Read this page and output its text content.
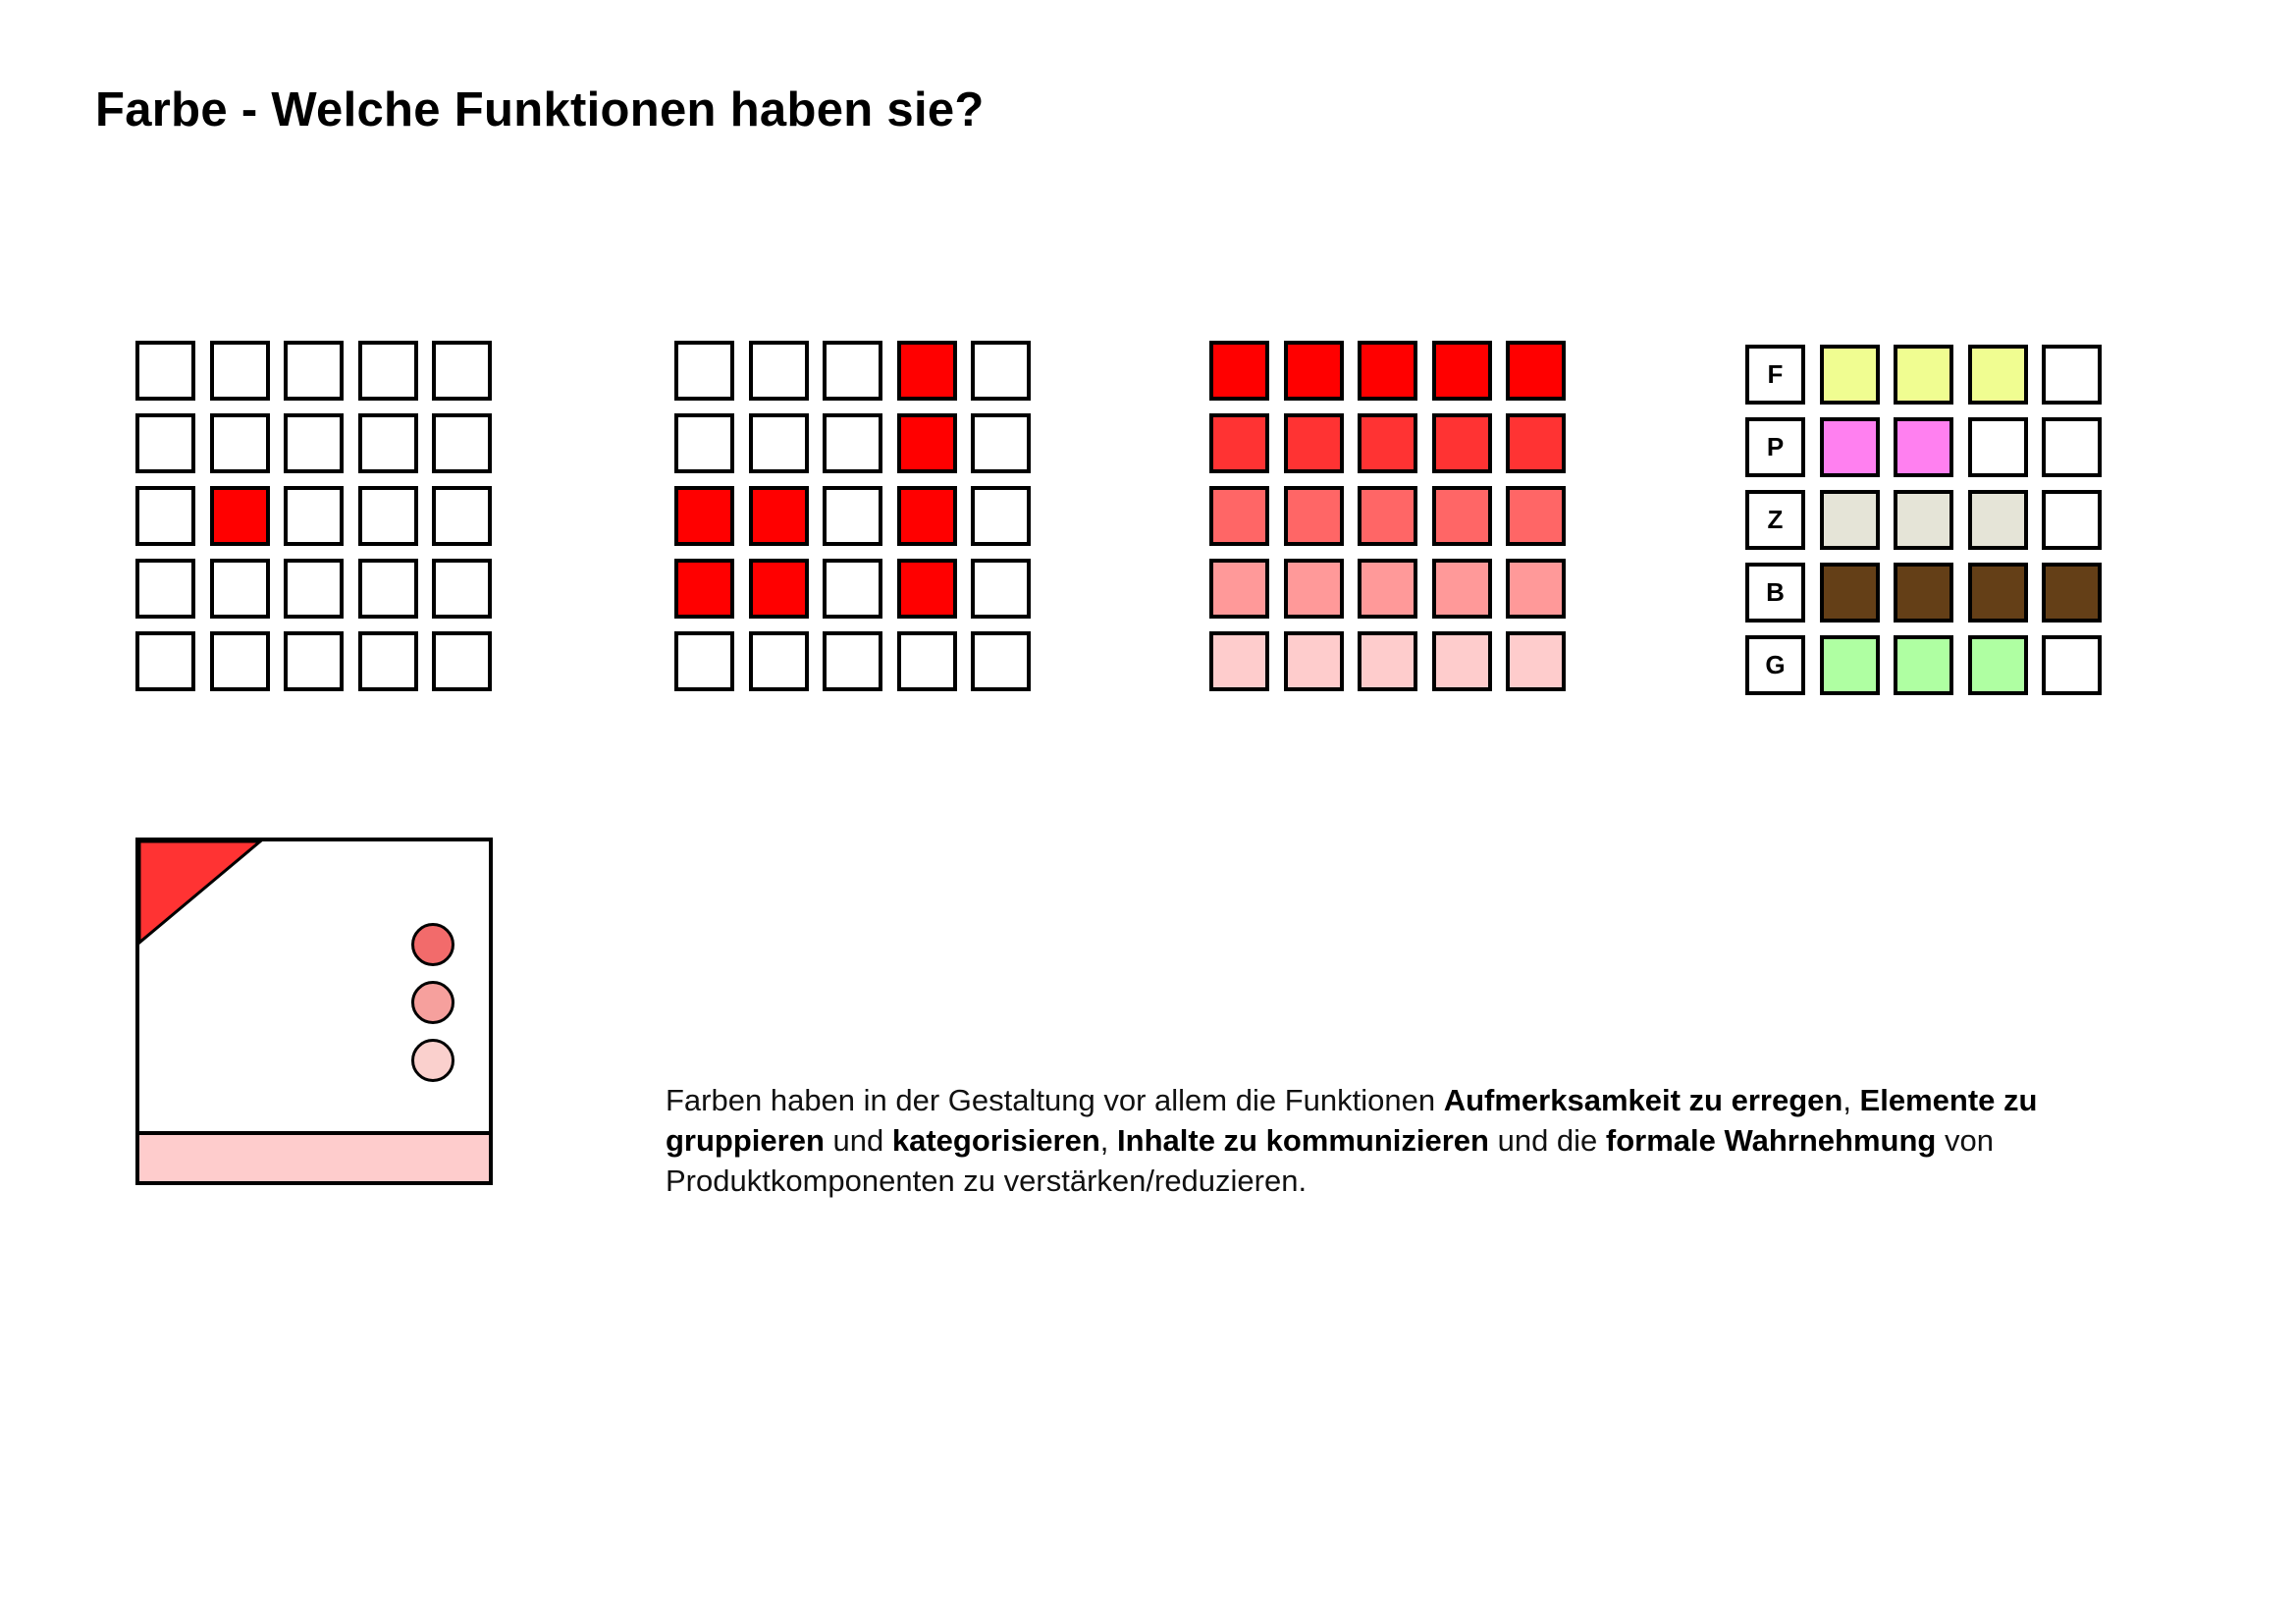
Farbe - Welche Funktionen haben sie?
F
P
Z
B
G
Farben haben in der Gestaltung vor allem die Funktionen Aufmerksamkeit zu erregen, Elemente zu gruppieren und kategorisieren, Inhalte zu kommunizieren und die formale Wahrnehmung von Produktkomponenten zu verstärken/reduzieren.
